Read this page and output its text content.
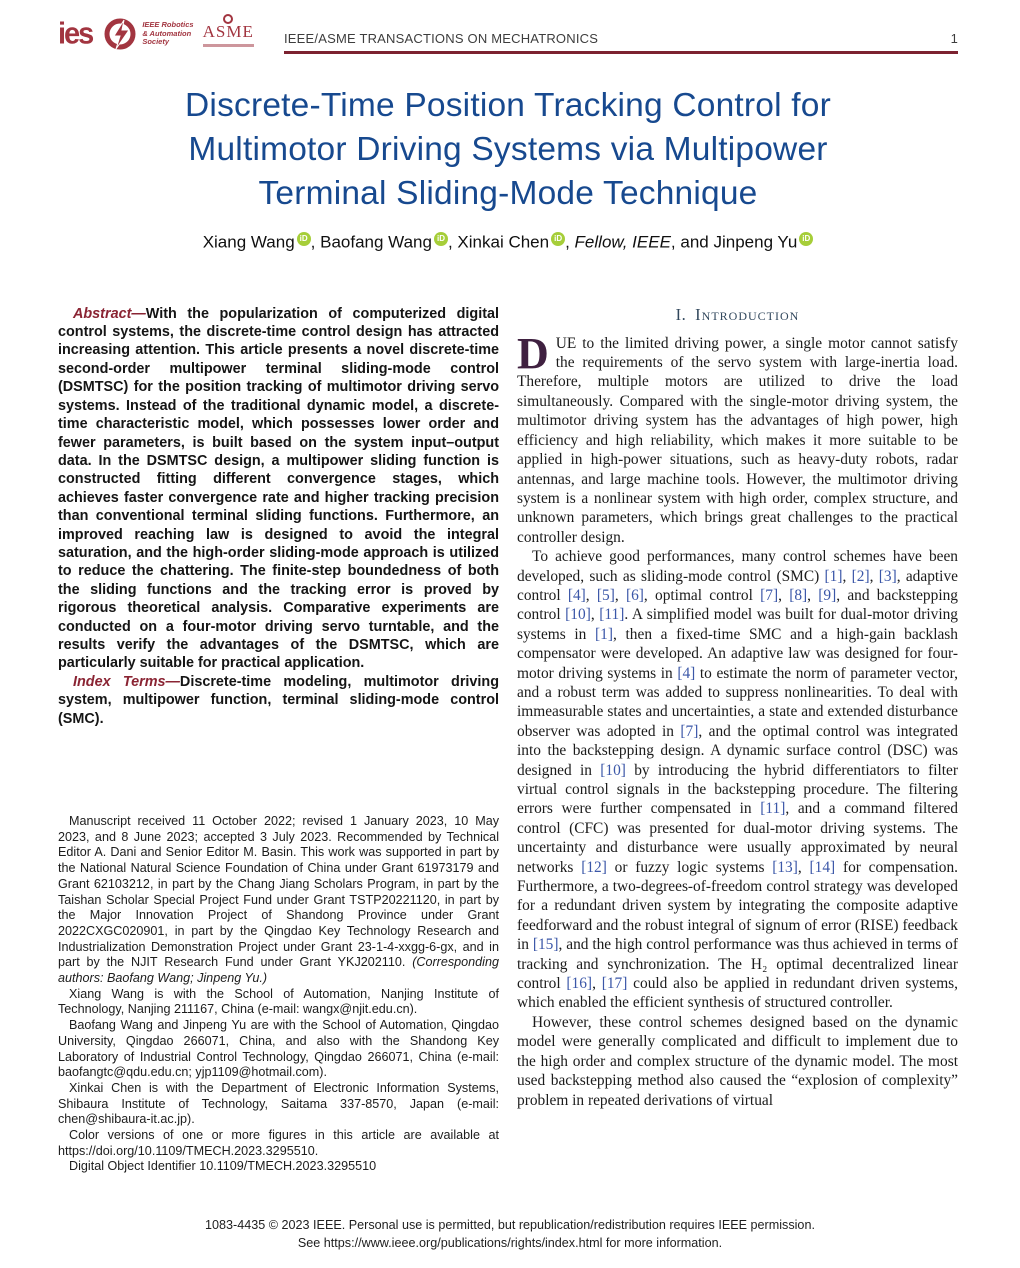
ies	IEEE Robotics
& Automation
Society
ASME IEEE/ASME TRANSACTIONS ON MECHATRONICS	1
Discrete-Time Position Tracking Control for
Multimotor Driving Systems via Multipower
Terminal Sliding-Mode Technique
Xiang Wang iD , Baofang Wang iD , Xinkai Chen iD , Fellow, IEEE, and Jinpeng Yu iD

Abstract—With the popularization of computerized digital control systems, the discrete-time control design has attracted increasing attention. This article presents a novel discrete-time second-order multipower terminal sliding-mode control (DSMTSC) for the position tracking of multimotor driving servo systems. Instead of the traditional dynamic model, a discrete-time characteristic model, which possesses lower order and fewer parameters, is built based on the system input–output data. In the DSMTSC design, a multipower sliding function is constructed fitting different convergence stages, which achieves faster convergence rate and higher tracking precision than conventional terminal sliding functions. Furthermore, an improved reaching law is designed to avoid the integral saturation, and the high-order sliding-mode approach is utilized to reduce the chattering. The finite-step boundedness of both the sliding functions and the tracking error is proved by rigorous theoretical analysis. Comparative experiments are conducted on a four-motor driving servo turntable, and the results verify the advantages of the DSMTSC, which are particularly suitable for practical application.

Index Terms—Discrete-time modeling, multimotor driving system, multipower function, terminal sliding-mode control (SMC).

Manuscript received 11 October 2022; revised 1 January 2023, 10 May 2023, and 8 June 2023; accepted 3 July 2023. Recommended by Technical Editor A. Dani and Senior Editor M. Basin. This work was supported in part by the National Natural Science Foundation of China under Grant 61973179 and Grant 62103212, in part by the Chang Jiang Scholars Program, in part by the Taishan Scholar Special Project Fund under Grant TSTP20221120, in part by the Major Innovation Project of Shandong Province under Grant 2022CXGC020901, in part by the Qingdao Key Technology Research and Industrialization Demonstration Project under Grant 23-1-4-xxgg-6-gx, and in part by the NJIT Research Fund under Grant YKJ202110. (Corresponding authors: Baofang Wang; Jinpeng Yu.)

Xiang Wang is with the School of Automation, Nanjing Institute of Technology, Nanjing 211167, China (e-mail: wangx@njit.edu.cn).

Baofang Wang and Jinpeng Yu are with the School of Automation, Qingdao University, Qingdao 266071, China, and also with the Shandong Key Laboratory of Industrial Control Technology, Qingdao 266071, China (e-mail: baofangtc@qdu.edu.cn; yjp1109@hotmail.com).

Xinkai Chen is with the Department of Electronic Information Systems, Shibaura Institute of Technology, Saitama 337-8570, Japan (e-mail: chen@shibaura-it.ac.jp).

Color versions of one or more figures in this article are available at https://doi.org/10.1109/TMECH.2023.3295510.

Digital Object Identifier 10.1109/TMECH.2023.3295510

I. Introduction

DUE to the limited driving power, a single motor cannot satisfy the requirements of the servo system with large-inertia load. Therefore, multiple motors are utilized to drive the load simultaneously. Compared with the single-motor driving system, the multimotor driving system has the advantages of high power, high efficiency and high reliability, which makes it more suitable to be applied in high-power situations, such as heavy-duty robots, radar antennas, and large machine tools. However, the multimotor driving system is a nonlinear system with high order, complex structure, and unknown parameters, which brings great challenges to the practical controller design.

To achieve good performances, many control schemes have been developed, such as sliding-mode control (SMC) [1], [2], [3], adaptive control [4], [5], [6], optimal control [7], [8], [9], and backstepping control [10], [11]. A simplified model was built for dual-motor driving systems in [1], then a fixed-time SMC and a high-gain backlash compensator were developed. An adaptive law was designed for four-motor driving systems in [4] to estimate the norm of parameter vector, and a robust term was added to suppress nonlinearities. To deal with immeasurable states and uncertainties, a state and extended disturbance observer was adopted in [7], and the optimal control was integrated into the backstepping design. A dynamic surface control (DSC) was designed in [10] by introducing the hybrid differentiators to filter virtual control signals in the backstepping procedure. The filtering errors were further compensated in [11], and a command filtered control (CFC) was presented for dual-motor driving systems. The uncertainty and disturbance were usually approximated by neural networks [12] or fuzzy logic systems [13], [14] for compensation. Furthermore, a two-degrees-of-freedom control strategy was developed for a redundant driven system by integrating the composite adaptive feedforward and the robust integral of signum of error (RISE) feedback in [15], and the high control performance was thus achieved in terms of tracking and synchronization. The H₂ optimal decentralized linear control [16], [17] could also be applied in redundant driven systems, which enabled the efficient synthesis of structured controller.

However, these control schemes designed based on the dynamic model were generally complicated and difficult to implement due to the high order and complex structure of the dynamic model. The most used backstepping method also caused the “explosion of complexity” problem in repeated derivations of virtual

1083-4435 © 2023 IEEE. Personal use is permitted, but republication/redistribution requires IEEE permission.
See https://www.ieee.org/publications/rights/index.html for more information.
